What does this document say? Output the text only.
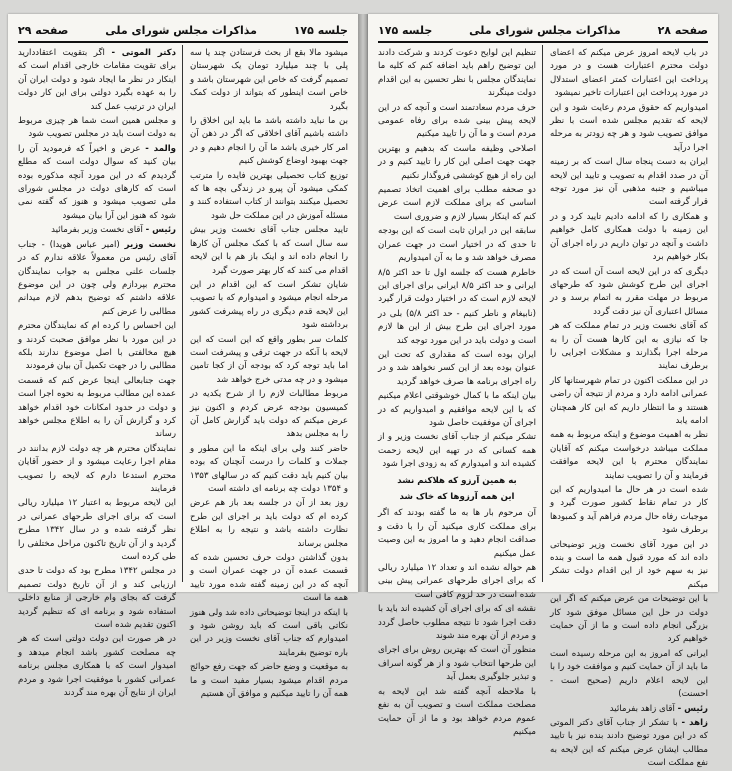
جلسه ۱۷۵
مذاکرات مجلس شورای ملی
صفحه ۲۹

میشود مالا بقع از بحث فرستادن چند یا سه پلی با چند میلیارد تومان یک شهرستان تصمیم گرفت که خاص این شهرستان باشد و خاص است اینطور که بتواند از دولت کمک بگیرد

بن ما نباید داشته باشد ما باید این اخلاق را داشته باشیم آقای اخلاقی که اگر در ذهن آن امر کار خیری باشد ما آن را انجام دهیم و در جهت بهبود اوضاع کوشش کنیم

توزیع کتاب تحصیلی بهترین فایده را مترتب کمکی میشود آن پیرو در زندگی بچه ها که تحصیل میکنند بتوانند از کتاب استفاده کنند و مسئله آموزش در این مملکت حل شود

تایید مجلس جناب آقای نخست وزیر بیش سه سال است که با کمک مجلس آن کارها را انجام داده اند و اینک باز هم با این لایحه اقدام می کنند که کار بهتر صورت گیرد

شایان تشکر است که این اقدام در این مرحله انجام میشود و امیدوارم که با تصویب این لایحه قدم دیگری در راه پیشرفت کشور برداشته شود

کلمات سر بطور واقع که این است که این لایحه با آنکه در جهت ترقی و پیشرفت است اما باید توجه کرد که بودجه آن از کجا تامین میشود و در چه مدتی خرج خواهد شد

مربوط مطالبات لازم را از شرح یکدیه در کمیسیون بودجه عرض کردم و اکنون نیز عرض میکنم که دولت باید گزارش کامل آن را به مجلس بدهد

حاضر کنند ولی برای اینکه ما این مطور و جملات و کلمات را درست آنچنان که بوده بیان کنیم باید دقت کنیم که در سالهای ۱۳۵۳ و ۱۳۵۴ دولت چه برنامه ای داشته است

روز بعد از آن در جلسه بعد باز هم عرض کرده ام که دولت باید بر اجرای این طرح نظارت داشته باشد و نتیجه را به اطلاع مجلس برساند

بدون گذاشتن دولت حرف تحسین شده که قسمت عمده آن در جهت عمران است و آنچه که در این زمینه گفته شده مورد تایید همه ما است

با اینکه در اینجا توضیحاتی داده شد ولی هنوز نکاتی باقی است که باید روشن شود و امیدوارم که جناب آقای نخست وزیر در این باره توضیح بفرمایند

به موقعیت و وضع حاضر که جهت رفع حوائج مردم اقدام میشود بسیار مفید است و ما همه آن را تایید میکنیم و موافق آن هستیم

دکتر الموتی - اگر بتقویت اعتقاددارید برای تقویت مقامات خارجی اقدام است که اینکار در نظر ما ایجاد شود و دولت ایران آن را به عهده بگیرد دولتی برای این کار دولت ایران در ترتیب عمل کند

و مجلس همین است شما هر چیزی مربوط به دولت است باید در مجلس تصویب شود

والمد - عرض و اخیراً که فرمودید آن را بیان کنید که سوال دولت است که مطلع گردیدم که در این مورد آنچه مذکوره بوده است که کارهای دولت در مجلس شورای ملی تصویب میشود و هنوز که گفته نمی شود که هنوز این آرا بیان میشود

رئیس - آقای نخست وزیر بفرمائید

نخست وزیر (امیر عباس هویدا) - جناب آقای رئیس من معمولاً علاقه ندارم که در جلسات علنی مجلس به جواب نمایندگان محترم بپردازم ولی چون در این موضوع علاقه داشتم که توضیح بدهم لازم میدانم مطالبی را عرض کنم

این احساس را کرده ام که نمایندگان محترم در این مورد با نظر موافق صحبت کردند و هیچ مخالفتی با اصل موضوع ندارند بلکه مطالبی را در جهت تکمیل آن بیان فرمودند

جهت جنابعالی اینجا عرض کنم که قسمت عمده این مطالب مربوط به نحوه اجرا است و دولت در حدود امکانات خود اقدام خواهد کرد و گزارش آن را به اطلاع مجلس خواهد رساند

نمایندگان محترم هر چه دولت لازم بدانند در مقام اجرا رعایت میشود و از حضور آقایان محترم استدعا دارم که لایحه را تصویب فرمایند

این لایحه مربوط به اعتبار ۱۲ میلیارد ریالی است که برای اجرای طرحهای عمرانی در نظر گرفته شده و در سال ۱۳۴۲ مطرح گردید و از آن تاریخ تاکنون مراحل مختلفی را طی کرده است

در مجلس ۱۳۴۲ مطرح بود که دولت تا حدی ارزیابی کند و از آن تاریخ دولت تصمیم گرفت که بجای وام خارجی از منابع داخلی استفاده شود و برنامه ای که تنظیم گردید اکنون تقدیم شده است

در هر صورت این دولت دولتی است که هر چه مصلحت کشور باشد انجام میدهد و امیدوار است که با همکاری مجلس برنامه عمرانی کشور با موفقیت اجرا شود و مردم ایران از نتایج آن بهره مند گردند

صفحه ۲۸
مذاکرات مجلس شورای ملی
جلسه ۱۷۵

در باب لایحه امروز عرض میکنم که اعضای دولت محترم اعتبارات هست و در مورد پرداخت این اعتبارات کمتر اعضای استدلال در مورد پرداخت این اعتبارات تاخیر نمیشود

امیدواریم که حقوق مردم رعایت شود و این لایحه که تقدیم مجلس شده است با نظر موافق تصویب شود و هر چه زودتر به مرحله اجرا درآید

ایران به دست پنجاه سال است که بر زمینه آن در صدد اقدام به تصویب و تایید این لایحه میباشیم و جنبه مذهبی آن نیز مورد توجه قرار گرفته است

و همکاری را که ادامه دادیم تایید کرد و در این زمینه با دولت همکاری کامل خواهیم داشت و آنچه در توان داریم در راه اجرای آن بکار خواهیم برد

دیگری که در این لایحه است آن است که در اجرای این طرح کوشش شود که طرحهای مربوط در مهلت مقرر به اتمام برسد و در مسائل اعتباری آن نیز دقت گردد

که آقای نخست وزیر در تمام مملکت که هر جا که نیازی به این کارها هست آن را به مرحله اجرا بگذارند و مشکلات اجرایی را برطرف نمایند

در این مملکت اکنون در تمام شهرستانها کار عمرانی ادامه دارد و مردم از نتیجه آن راضی هستند و ما انتظار داریم که این کار همچنان ادامه یابد

نظر به اهمیت موضوع و اینکه مربوط به همه مملکت میباشد درخواست میکنم که آقایان نمایندگان محترم با این لایحه موافقت فرمایند و آن را تصویب نمایند

شده است در هر حال ما امیدواریم که این کار در تمام نقاط کشور صورت گیرد و موجبات رفاه حال مردم فراهم آید و کمبودها برطرف شود

در این مورد آقای نخست وزیر توضیحاتی داده اند که مورد قبول همه ما است و بنده نیز به سهم خود از این اقدام دولت تشکر میکنم

با این توضیحات من عرض میکنم که اگر این دولت در حل این مسائل موفق شود کار بزرگی انجام داده است و ما از آن حمایت خواهیم کرد

ایرانی که امروز به این مرحله رسیده است ما باید از آن حمایت کنیم و موافقت خود را با این لایحه اعلام داریم (صحیح است - احسنت)

رئیس - آقای زاهد بفرمائید

زاهد - با تشکر از جناب آقای دکتر الموتی که در این مورد توضیح دادند بنده نیز با تایید مطالب ایشان عرض میکنم که این لایحه به نفع مملکت است

تنظیم این لوایح دعوت کردند و شرکت دادند این توضیح راهم باید اضافه کنم که کلیه ما نمایندگان مجلس با نظر تحسین به این اقدام دولت مینگرند

حرف مردم سعادتمند است و آنچه که در این لایحه پیش بینی شده برای رفاه عمومی مردم است و ما آن را تایید میکنیم

اصلاحی وظیفه ماست که بدهیم و بهترین جهت جهت اصلی این کار را تایید کنیم و در این راه از هیچ کوششی فروگذار نکنیم

دو صحفه مطلب برای اهمیت اتخاذ تصمیم اساسی که برای مملکت لازم است عرض کنم که اینکار بسیار لازم و ضروری است

سابقه این در ایران ثابت است که این بودجه تا حدی که در اختیار است در جهت عمران مصرف خواهد شد و ما به آن امیدواریم

خاطرم هست که جلسه اول تا حد اکثر ۸/۵ ایرانی و حد اکثر ۸/۵ ایرانی برای اجرای این لایحه لازم است که در اختیار دولت قرار گیرد

(نابیغام و ناطر کنیم - حد اکثر ۵/۸) بلی در مورد اجرای این طرح بیش از این ها لازم است و دولت باید در این مورد توجه کند

ایران بوده است که مقداری که تحت این عنوان بوده بعد از این کسر نخواهد شد و در راه اجرای برنامه ها صرف خواهد گردید

بیان اینکه ما با کمال خوشوقتی اعلام میکنیم که با این لایحه موافقیم و امیدواریم که در اجرای آن موفقیت حاصل شود

تشکر میکنم از جناب آقای نخست وزیر و از همه کسانی که در تهیه این لایحه زحمت کشیده اند و امیدوارم که به زودی اجرا شود

به همین آرزو که هلاکنم نشد

این همه آرزوها که خاک شد

آن مرحوم بار ها به ما گفته بودند که اگر برای مملکت کاری میکنید آن را با دقت و صداقت انجام دهید و ما امروز به این وصیت عمل میکنیم

هم حواله نشده اند و تعداد ۱۲ میلیارد ریالی که برای اجرای طرحهای عمرانی پیش بینی شده است در حد لزوم کافی است

نقشه ای که برای اجرای آن کشیده اند باید با دقت اجرا شود تا نتیجه مطلوب حاصل گردد و مردم از آن بهره مند شوند

منظور آن است که بهترین روش برای اجرای این طرحها انتخاب شود و از هر گونه اسراف و تبذیر جلوگیری بعمل آید

با ملاحظه آنچه گفته شد این لایحه به مصلحت مملکت است و تصویب آن به نفع عموم مردم خواهد بود و ما از آن حمایت میکنیم
